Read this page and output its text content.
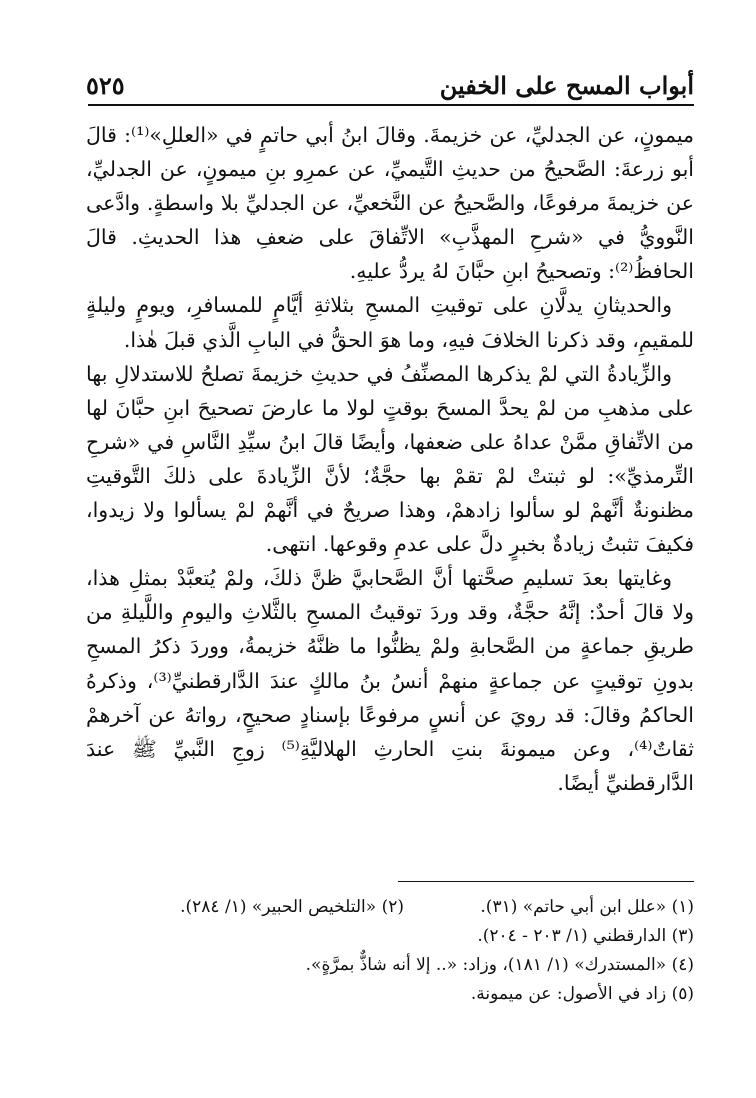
أبواب المسح على الخفين
٥٢٥

ميمونٍ، عن الجدليِّ، عن خزيمةَ. وقالَ ابنُ أبي حاتمٍ في «العللِ»⁽¹⁾: قالَ أبو زرعةَ: الصَّحيحُ من حديثِ التَّيميِّ، عن عمرِو بنِ ميمونٍ، عن الجدليِّ، عن خزيمةَ مرفوعًا، والصَّحيحُ عن النَّخعيِّ، عن الجدليِّ بلا واسطةٍ. وادَّعى النَّوويُّ في «شرحِ المهذَّبِ» الاتِّفاقَ على ضعفِ هذا الحديثِ. قالَ الحافظُ⁽²⁾: وتصحيحُ ابنِ حبَّانَ لهُ يردُّ عليهِ.

والحديثانِ يدلَّانِ على توقيتِ المسحِ بثلاثةِ أيَّامٍ للمسافرِ، ويومٍ وليلةٍ للمقيمِ، وقد ذكرنا الخلافَ فيهِ، وما هوَ الحقُّ في البابِ الَّذي قبلَ هٰذا.

والزِّيادةُ التي لمْ يذكرها المصنِّفُ في حديثِ خزيمةَ تصلحُ للاستدلالِ بها على مذهبِ من لمْ يحدَّ المسحَ بوقتٍ لولا ما عارضَ تصحيحَ ابنِ حبَّانَ لها من الاتِّفاقِ ممَّنْ عداهُ على ضعفها، وأيضًا قالَ ابنُ سيِّدِ النَّاسِ في «شرحِ التِّرمذيِّ»: لو ثبتتْ لمْ تقمْ بها حجَّةٌ؛ لأنَّ الزِّيادةَ على ذلكَ التَّوقيتِ مظنونةٌ أنَّهمْ لو سألوا زادهمْ، وهذا صريحٌ في أنَّهمْ لمْ يسألوا ولا زيدوا، فكيفَ تثبتُ زيادةٌ بخبرٍ دلَّ على عدمِ وقوعها. انتهى.

وغايتها بعدَ تسليمِ صحَّتها أنَّ الصَّحابيَّ ظنَّ ذلكَ، ولمْ يُتعبَّدْ بمثلِ هذا، ولا قالَ أحدٌ: إنَّهُ حجَّةٌ، وقد وردَ توقيتُ المسحِ بالثَّلاثِ واليومِ واللَّيلةِ من طريقِ جماعةٍ من الصَّحابةِ ولمْ يظنُّوا ما ظنَّهُ خزيمةُ، ووردَ ذكرُ المسحِ بدونِ توقيتٍ عن جماعةٍ منهمْ أنسُ بنُ مالكٍ عندَ الدَّارقطنيِّ⁽³⁾، وذكرهُ الحاكمُ وقالَ: قد رويَ عن أنسٍ مرفوعًا بإسنادٍ صحيحٍ، رواتهُ عن آخرهمْ ثقاتٌ⁽⁴⁾، وعن ميمونةَ بنتِ الحارثِ الهلاليَّةِ⁽⁵⁾ زوجِ النَّبيِّ ﷺ عندَ الدَّارقطنيِّ أيضًا.

(١) «علل ابن أبي حاتم» (٣١).
(٢) «التلخيص الحبير» (١/ ٢٨٤).
(٣) الدارقطني (١/ ٢٠٣ - ٢٠٤).
(٤) «المستدرك» (١/ ١٨١)، وزاد: «.. إلا أنه شاذٌّ بمرَّةٍ».
(٥) زاد في الأصول: عن ميمونة.
